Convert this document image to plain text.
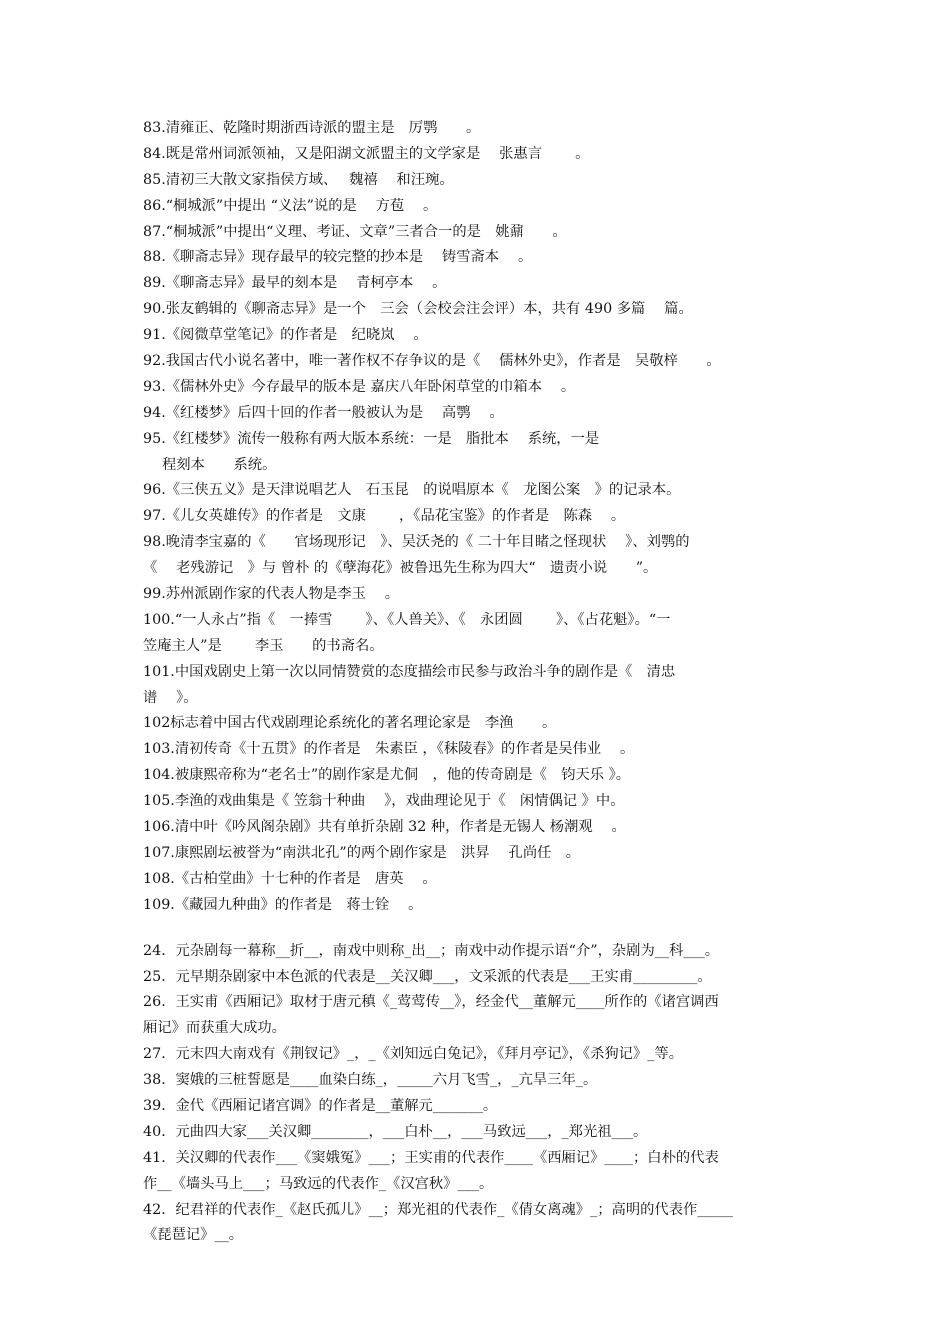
83.清雍正、乾隆时期浙西诗派的盟主是　厉鹗　　。
84.既是常州词派领袖，又是阳湖文派盟主的文学家是　 张惠言　　 。
85.清初三大散文家指侯方域、　 魏禧　 和汪琬。
86.“桐城派”中提出 “义法”说的是　 方苞　 。
87.“桐城派”中提出“义理、考证、文章”三者合一的是　姚鼐　　。
88.《聊斋志异》现存最早的较完整的抄本是　 铸雪斋本　 。
89.《聊斋志异》最早的刻本是　 青柯亭本　 。
90.张友鹤辑的《聊斋志异》是一个　三会（会校会注会评）本，共有 490 多篇　 篇。
91.《阅微草堂笔记》的作者是　纪晓岚　 。
92.我国古代小说名著中，唯一著作权不存争议的是《　 儒林外史》，作者是　吴敬梓　　。
93.《儒林外史》今存最早的版本是 嘉庆八年卧闲草堂的巾箱本　 。
94.《红楼梦》后四十回的作者一般被认为是　 高鹗　 。
95.《红楼梦》流传一般称有两大版本系统：一是　脂批本　 系统，一是
程刻本　　系统。
96.《三侠五义》是天津说唱艺人　石玉昆　的说唱原本《　龙图公案　》的记录本。
97.《儿女英雄传》的作者是　文康　　 ，《品花宝鉴》的作者是　陈森　 。
98.晚清李宝嘉的《　　官场现形记　》、吴沃尧的《 二十年目睹之怪现状　 》、刘鹗的
《　 老残游记　》与 曾朴 的《孽海花》被鲁迅先生称为四大“　遗责小说　　”。
99.苏州派剧作家的代表人物是李玉　 。
100.“一人永占”指《　一捧雪　　 》、《人兽关》、《　永团圆　　 》、《占花魁》。“一
笠庵主人”是　　 李玉　　的书斋名。
101.中国戏剧史上第一次以同情赞赏的态度描绘市民参与政治斗争的剧作是《　清忠
谱　 》。
102标志着中国古代戏剧理论系统化的著名理论家是　李渔　　。
103.清初传奇《十五贯》的作者是　朱素臣 ，《秣陵春》的作者是吴伟业　 。
104.被康熙帝称为“老名士”的剧作家是尤侗　，他的传奇剧是《　钧天乐 》。
105.李渔的戏曲集是《 笠翁十种曲　 》，戏曲理论见于《　闲情偶记 》中。
106.清中叶《吟风阁杂剧》共有单折杂剧 32 种，作者是无锡人 杨潮观　 。
107.康熙剧坛被誉为“南洪北孔”的两个剧作家是　洪昇　 孔尚任　。
108.《古柏堂曲》十七种的作者是　唐英　 。
109.《藏园九种曲》的作者是　蒋士铨　 。
24．元杂剧每一幕称__折__，南戏中则称_出__；南戏中动作提示语“介”，杂剧为__科___。
25．元早期杂剧家中本色派的代表是__关汉卿___，文采派的代表是___王实甫_________。
26．王实甫《西厢记》取材于唐元稹《_莺莺传__》，经金代__董解元____所作的《诸宫调西
厢记》而获重大成功。
27．元末四大南戏有《荆钗记》_，_《刘知远白兔记》，《拜月亭记》，《杀狗记》_等。
38．窦娥的三桩誓愿是____血染白练_，_____六月飞雪_，_亢旱三年_。
39．金代《西厢记诸宫调》的作者是__董解元_______。
40．元曲四大家___关汉卿________，___白朴__，___马致远___，_郑光祖___。
41．关汉卿的代表作___《窦娥冤》___；王实甫的代表作____《西厢记》____；白朴的代表
作__《墙头马上___；马致远的代表作_《汉宫秋》___。
42．纪君祥的代表作_《赵氏孤儿》__；郑光祖的代表作_《倩女离魂》_；高明的代表作_____
《琵琶记》__。
